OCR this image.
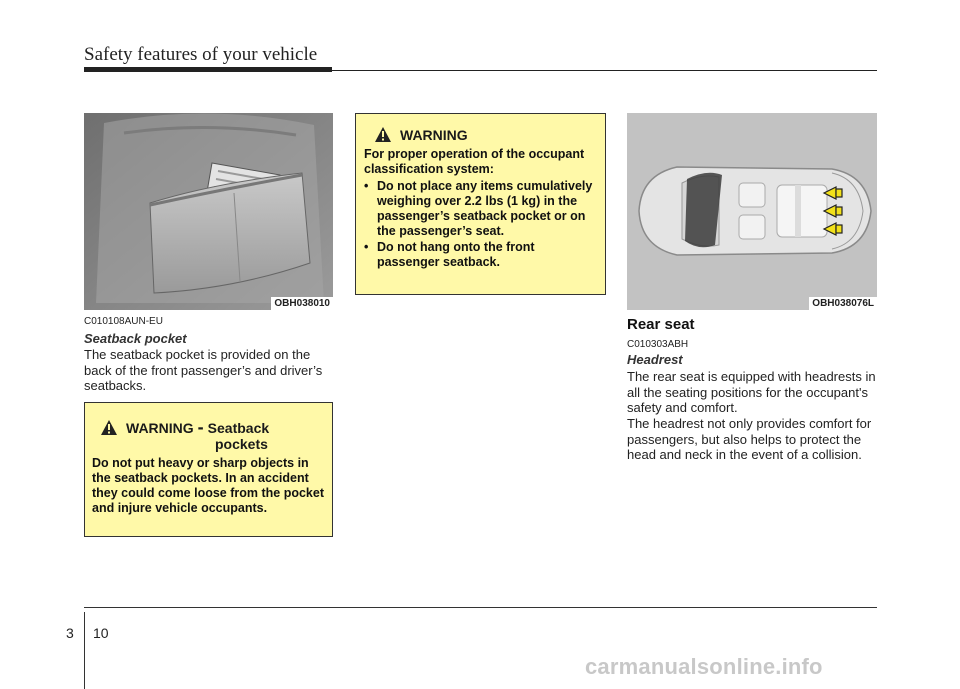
Safety features of your vehicle
OBH038010
C010108AUN-EU
Seatback pocket

The seatback pocket is provided on the back of the front passenger’s and driver’s seatbacks.

WARNING - Seatback
pockets
Do not put heavy or sharp objects in the seatback pockets. In an accident they could come loose from the pocket and injure vehicle occupants.
WARNING
For proper operation of the occupant classification system:
• Do not place any items cumulatively weighing over 2.2 lbs (1 kg) in the passenger’s seatback pocket or on the passenger’s seat.
• Do not hang onto the front passenger seatback.
OBH038076L
Rear seat
C010303ABH
Headrest

The rear seat is equipped with headrests in all the seating positions for the occupant's safety and comfort.

The headrest not only provides comfort for passengers, but also helps to protect the head and neck in the event of a collision.

3 10
carmanualsonline.info
